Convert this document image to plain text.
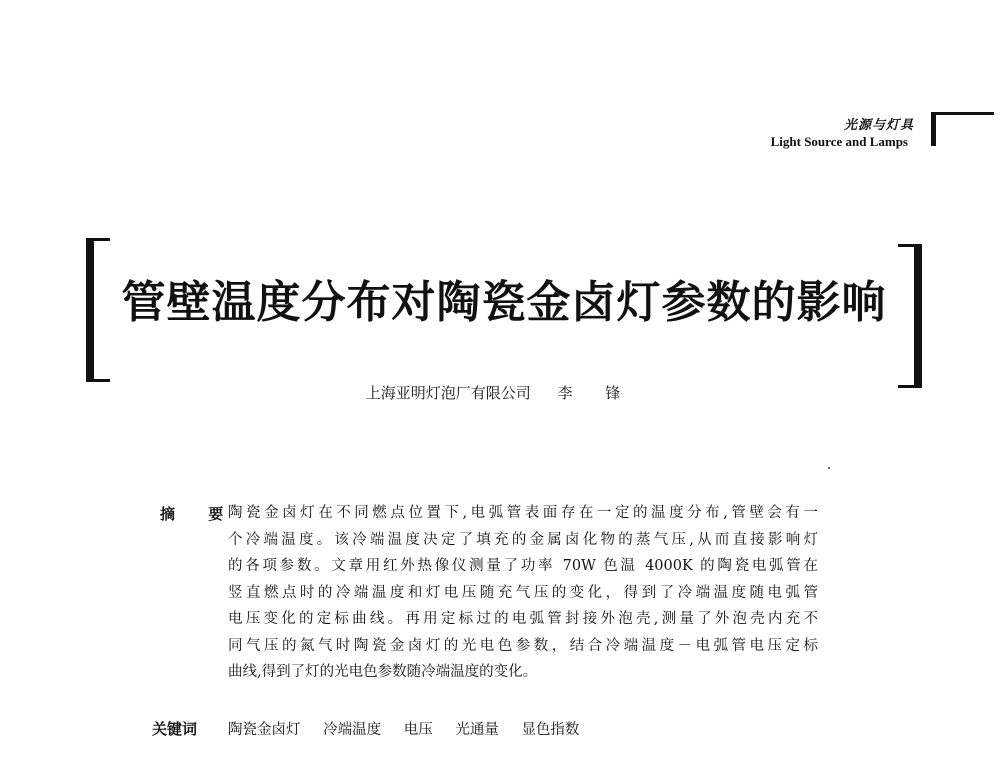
光源与灯具
Light Source and Lamps
管壁温度分布对陶瓷金卤灯参数的影响
上海亚明灯泡厂有限公司 李 锋
摘 要
陶瓷金卤灯在不同燃点位置下,电弧管表面存在一定的温度分布,管壁会有一
个冷端温度。该冷端温度决定了填充的金属卤化物的蒸气压,从而直接影响灯
的各项参数。文章用红外热像仪测量了功率 70W 色温 4000K 的陶瓷电弧管在
竖直燃点时的冷端温度和灯电压随充气压的变化，得到了冷端温度随电弧管
电压变化的定标曲线。再用定标过的电弧管封接外泡壳,测量了外泡壳内充不
同气压的氮气时陶瓷金卤灯的光电色参数，结合冷端温度－电弧管电压定标
曲线,得到了灯的光电色参数随冷端温度的变化。
关键词 陶瓷金卤灯 冷端温度 电压 光通量 显色指数
